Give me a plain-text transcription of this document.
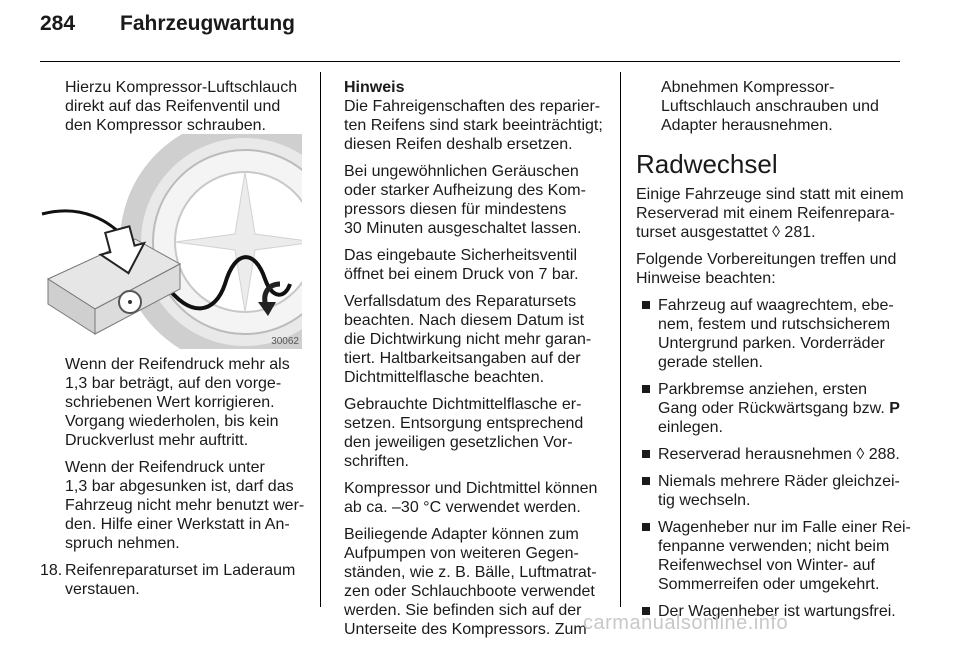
284 Fahrzeugwartung

Hierzu Kompressor-Luftschlauch
direkt auf das Reifenventil und
den Kompressor schrauben.

30062

Wenn der Reifendruck mehr als
1,3 bar beträgt, auf den vorge-
schriebenen Wert korrigieren.
Vorgang wiederholen, bis kein
Druckverlust mehr auftritt.

Wenn der Reifendruck unter
1,3 bar abgesunken ist, darf das
Fahrzeug nicht mehr benutzt wer-
den. Hilfe einer Werkstatt in An-
spruch nehmen.

18. Reifenreparaturset im Laderaum
verstauen.

Hinweis
Die Fahreigenschaften des reparier-
ten Reifens sind stark beeinträchtigt;
diesen Reifen deshalb ersetzen.

Bei ungewöhnlichen Geräuschen
oder starker Aufheizung des Kom-
pressors diesen für mindestens
30 Minuten ausgeschaltet lassen.

Das eingebaute Sicherheitsventil
öffnet bei einem Druck von 7 bar.

Verfallsdatum des Reparatursets
beachten. Nach diesem Datum ist
die Dichtwirkung nicht mehr garan-
tiert. Haltbarkeitsangaben auf der
Dichtmittelflasche beachten.

Gebrauchte Dichtmittelflasche er-
setzen. Entsorgung entsprechend
den jeweiligen gesetzlichen Vor-
schriften.

Kompressor und Dichtmittel können
ab ca. –30 °C verwendet werden.

Beiliegende Adapter können zum
Aufpumpen von weiteren Gegen-
ständen, wie z. B. Bälle, Luftmatrat-
zen oder Schlauchboote verwendet
werden. Sie befinden sich auf der
Unterseite des Kompressors. Zum

Abnehmen Kompressor-
Luftschlauch anschrauben und
Adapter herausnehmen.

Radwechsel

Einige Fahrzeuge sind statt mit einem
Reserverad mit einem Reifenrepara-
turset ausgestattet ◊ 281.

Folgende Vorbereitungen treffen und
Hinweise beachten:

Fahrzeug auf waagrechtem, ebe-
nem, festem und rutschsicherem
Untergrund parken. Vorderräder
gerade stellen.
Parkbremse anziehen, ersten
Gang oder Rückwärtsgang bzw. P
einlegen.
Reserverad herausnehmen ◊ 288.
Niemals mehrere Räder gleichzei-
tig wechseln.
Wagenheber nur im Falle einer Rei-
fenpanne verwenden; nicht beim
Reifenwechsel von Winter- auf
Sommerreifen oder umgekehrt.
Der Wagenheber ist wartungsfrei.
carmanualsonline.info
